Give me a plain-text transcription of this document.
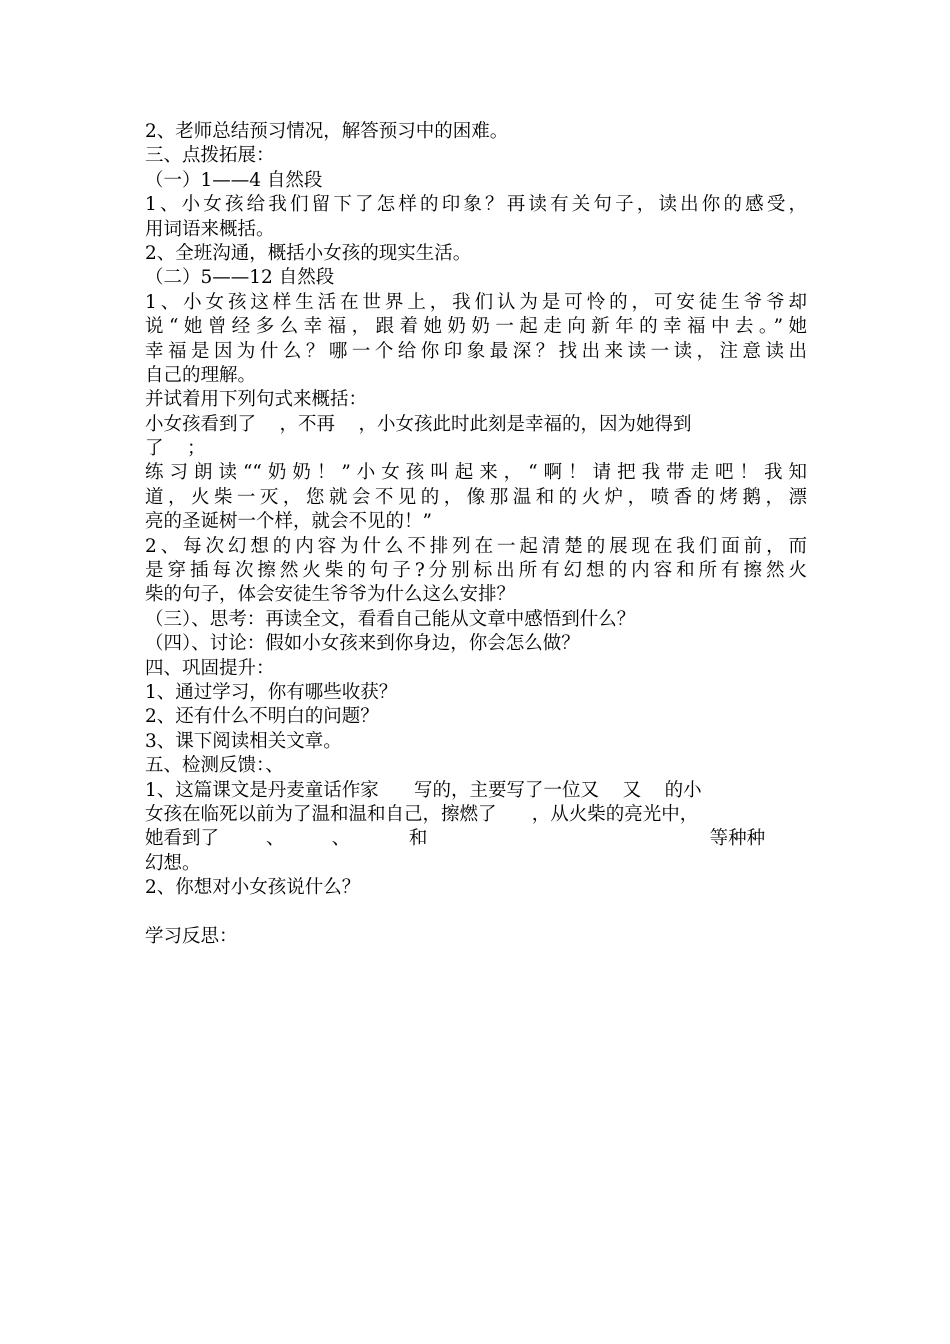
2、老师总结预习情况，解答预习中的困难。
三、点拨拓展：
（一）1——4 自然段
1、小女孩给我们留下了怎样的印象？再读有关句子，读出你的感受，
用词语来概括。
2、全班沟通，概括小女孩的现实生活。
（二）5——12 自然段
1、小女孩这样生活在世界上，我们认为是可怜的，可安徒生爷爷却
说“她曾经多么幸福，跟着她奶奶一起走向新年的幸福中去。”她
幸福是因为什么？哪一个给你印象最深？找出来读一读，注意读出
自己的理解。
并试着用下列句式来概括：
小女孩看到了    ，不再    ，小女孩此时此刻是幸福的，因为她得到
了    ；
练习朗读““奶奶！”小女孩叫起来，“啊！请把我带走吧！我知
道，火柴一灭，您就会不见的，像那温和的火炉，喷香的烤鹅，漂
亮的圣诞树一个样，就会不见的！”
2、每次幻想的内容为什么不排列在一起清楚的展现在我们面前，而
是穿插每次擦然火柴的句子?分别标出所有幻想的内容和所有擦然火
柴的句子，体会安徒生爷爷为什么这么安排？
（三）、思考：再读全文，看看自己能从文章中感悟到什么？
（四）、讨论：假如小女孩来到你身边，你会怎么做？
四、巩固提升：
1、通过学习，你有哪些收获？
2、还有什么不明白的问题？
3、课下阅读相关文章。
五、检测反馈：、
1、这篇课文是丹麦童话作家      写的，主要写了一位又    又    的小
女孩在临死以前为了温和温和自己，擦燃了      ，从火柴的亮光中，
她看到了        、        、          和                                                等种种
幻想。
2、你想对小女孩说什么？
学习反思：
